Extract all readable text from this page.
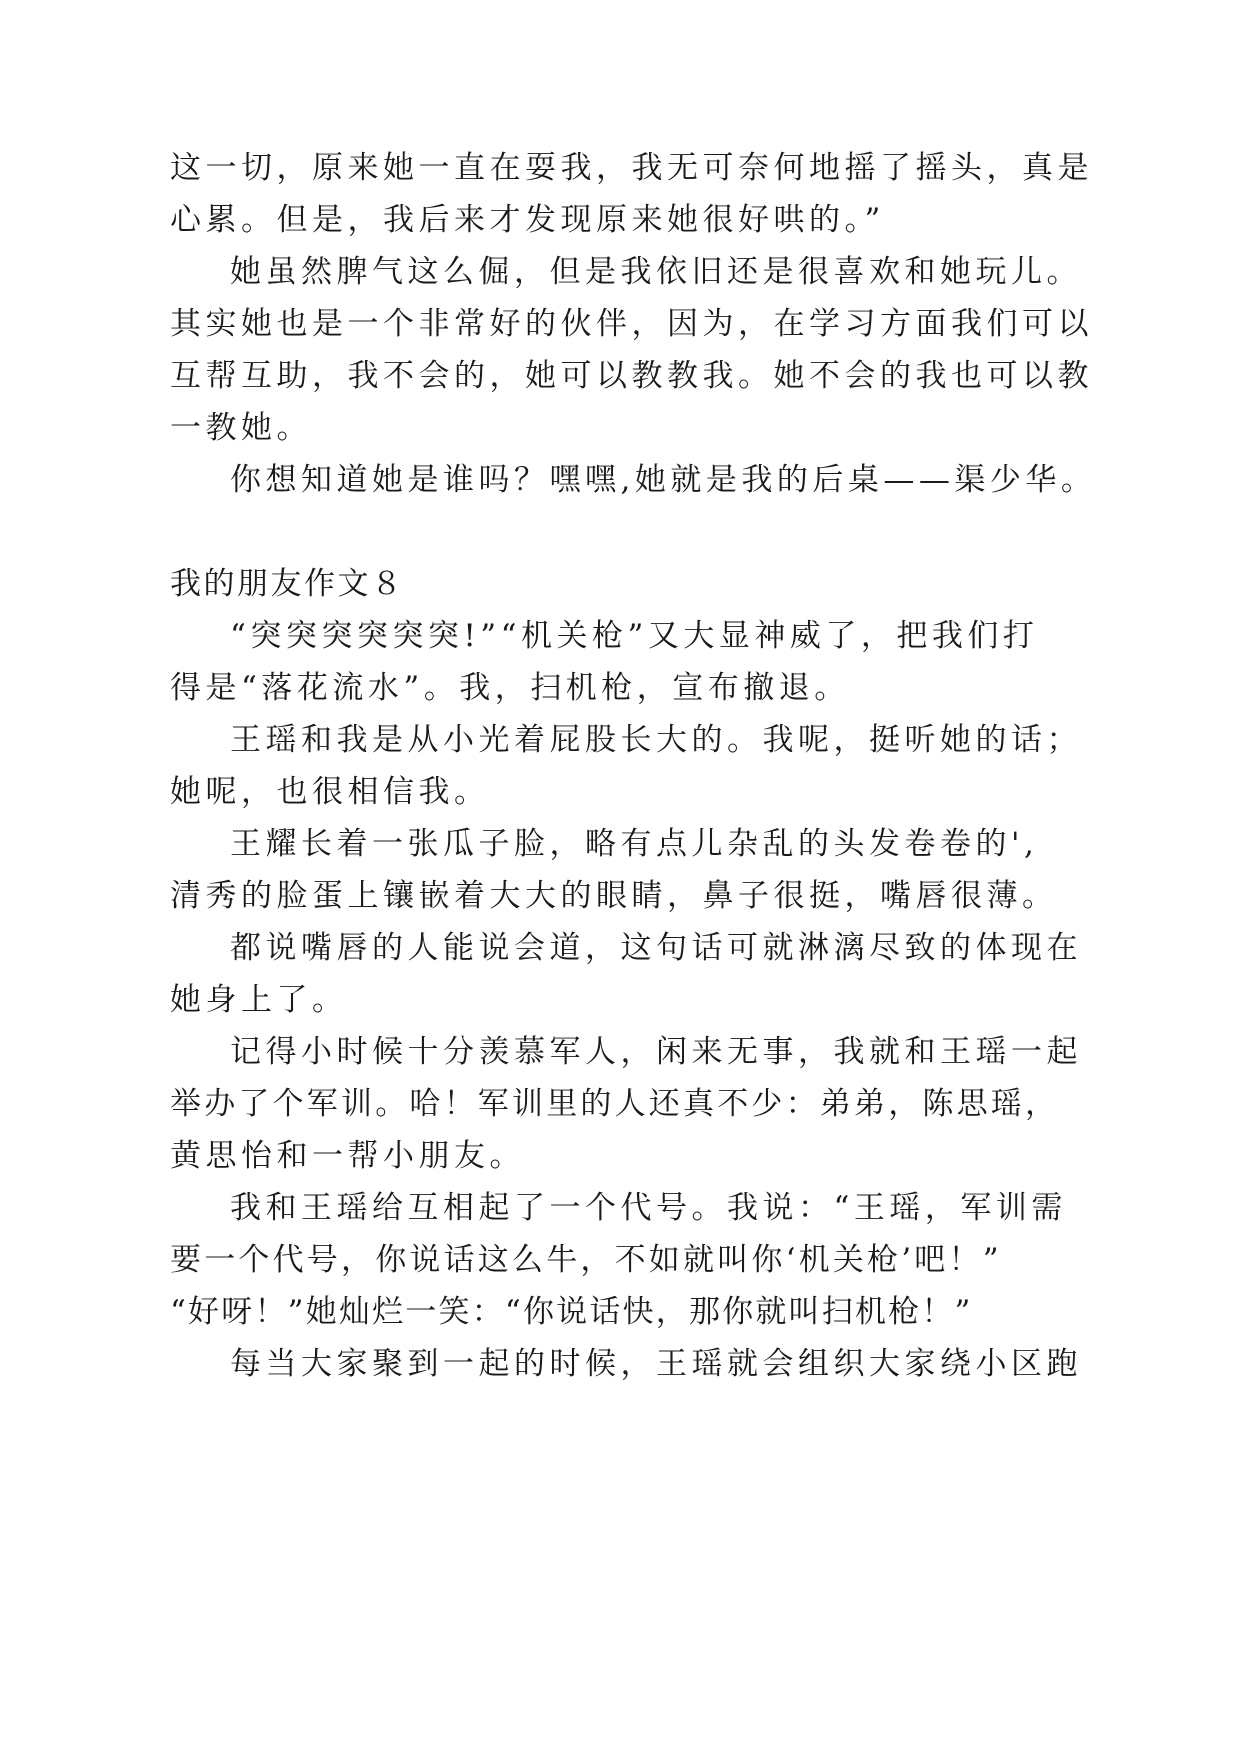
这一切，原来她一直在耍我，我无可奈何地摇了摇头，真是
心累。但是，我后来才发现原来她很好哄的。”
她虽然脾气这么倔，但是我依旧还是很喜欢和她玩儿。
其实她也是一个非常好的伙伴，因为，在学习方面我们可以
互帮互助，我不会的，她可以教教我。她不会的我也可以教
一教她。
你想知道她是谁吗？嘿嘿,她就是我的后桌——渠少华。
我的朋友作文８
“突突突突突突!”“机关枪”又大显神威了，把我们打
得是“落花流水”。我，扫机枪，宣布撤退。
王瑶和我是从小光着屁股长大的。我呢，挺听她的话；
她呢，也很相信我。
王耀长着一张瓜子脸，略有点儿杂乱的头发卷卷的',
清秀的脸蛋上镶嵌着大大的眼睛，鼻子很挺，嘴唇很薄。
都说嘴唇的人能说会道，这句话可就淋漓尽致的体现在
她身上了。
记得小时候十分羡慕军人，闲来无事，我就和王瑶一起
举办了个军训。哈！军训里的人还真不少：弟弟，陈思瑶，
黄思怡和一帮小朋友。
我和王瑶给互相起了一个代号。我说：“王瑶，军训需
要一个代号，你说话这么牛，不如就叫你‘机关枪’吧！”
“好呀！”她灿烂一笑：“你说话快，那你就叫扫机枪！”
每当大家聚到一起的时候，王瑶就会组织大家绕小区跑
